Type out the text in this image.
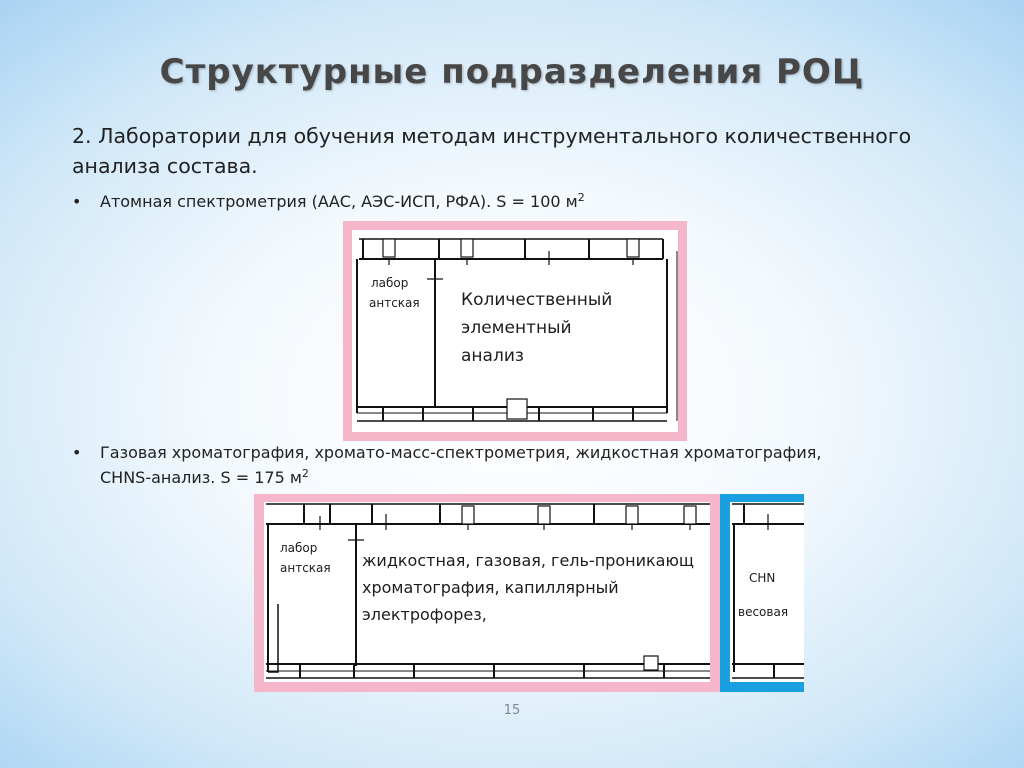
Структурные подразделения РОЦ
2. Лаборатории для обучения методам инструментального количественного анализа состава.
•	Атомная спектрометрия (ААС, АЭС-ИСП, РФА). S = 100 $м^2$
лабор
антская Количественный
элементный
анализ
•	Газовая хроматография, хромато-масс-спектрометрия, жидкостная хроматография, CHNS-анализ. S = 175 $м^2$
лабор
антская жидкостная, газовая, гель-проникающ
хроматография, капиллярный
электрофорез,
CHN
весовая
15
